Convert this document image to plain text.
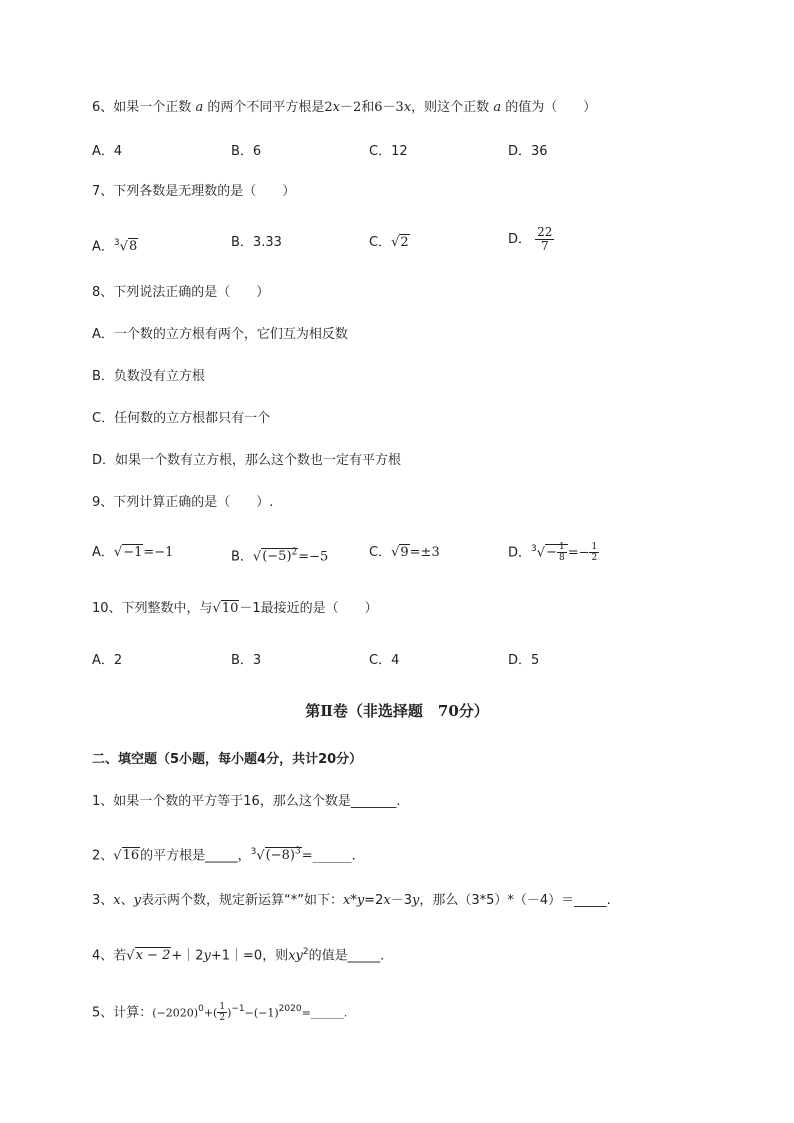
6、如果一个正数 a 的两个不同平方根是2x－2和6－3x，则这个正数 a 的值为（　　）
A．4	B．6	C．12	D．36
7、下列各数是无理数的是（　　）
A．$^3$√8	B．3.33	C．√2	D． $\frac{22}{7}$
8、下列说法正确的是（　　）
A．一个数的立方根有两个，它们互为相反数
B．负数没有立方根
C．任何数的立方根都只有一个
D．如果一个数有立方根，那么这个数也一定有平方根
9、下列计算正确的是（　　）.
A．√−1=−1	B．$√(-5)^2=-5$	C．√9=±3	D．$^3√- \frac{1}{8} =- \frac{1}{2}$
10、下列整数中，与√10－1最接近的是（　　）
A．2	B．3	C．4	D．5
第Ⅱ卷（非选择题　70分）
二、填空题（5小题，每小题4分，共计20分）
1、如果一个数的平方等于16，那么这个数是_______.
2、√16的平方根是_____，$^3√(-8)^3=\_\_\_\_\_\_$.
3、x、y表示两个数，规定新运算“*”如下：x*y=2x－3y，那么（3*5）*（－4）＝_____.
4、若√x − 2+｜2y+1｜=0，则$xy^2$的值是_____.
5、计算：$(-2020)^0+( \frac{1}{2}$ )$^{-1}-(-1)^{2020}=\_\_\_\_\_\_$.
